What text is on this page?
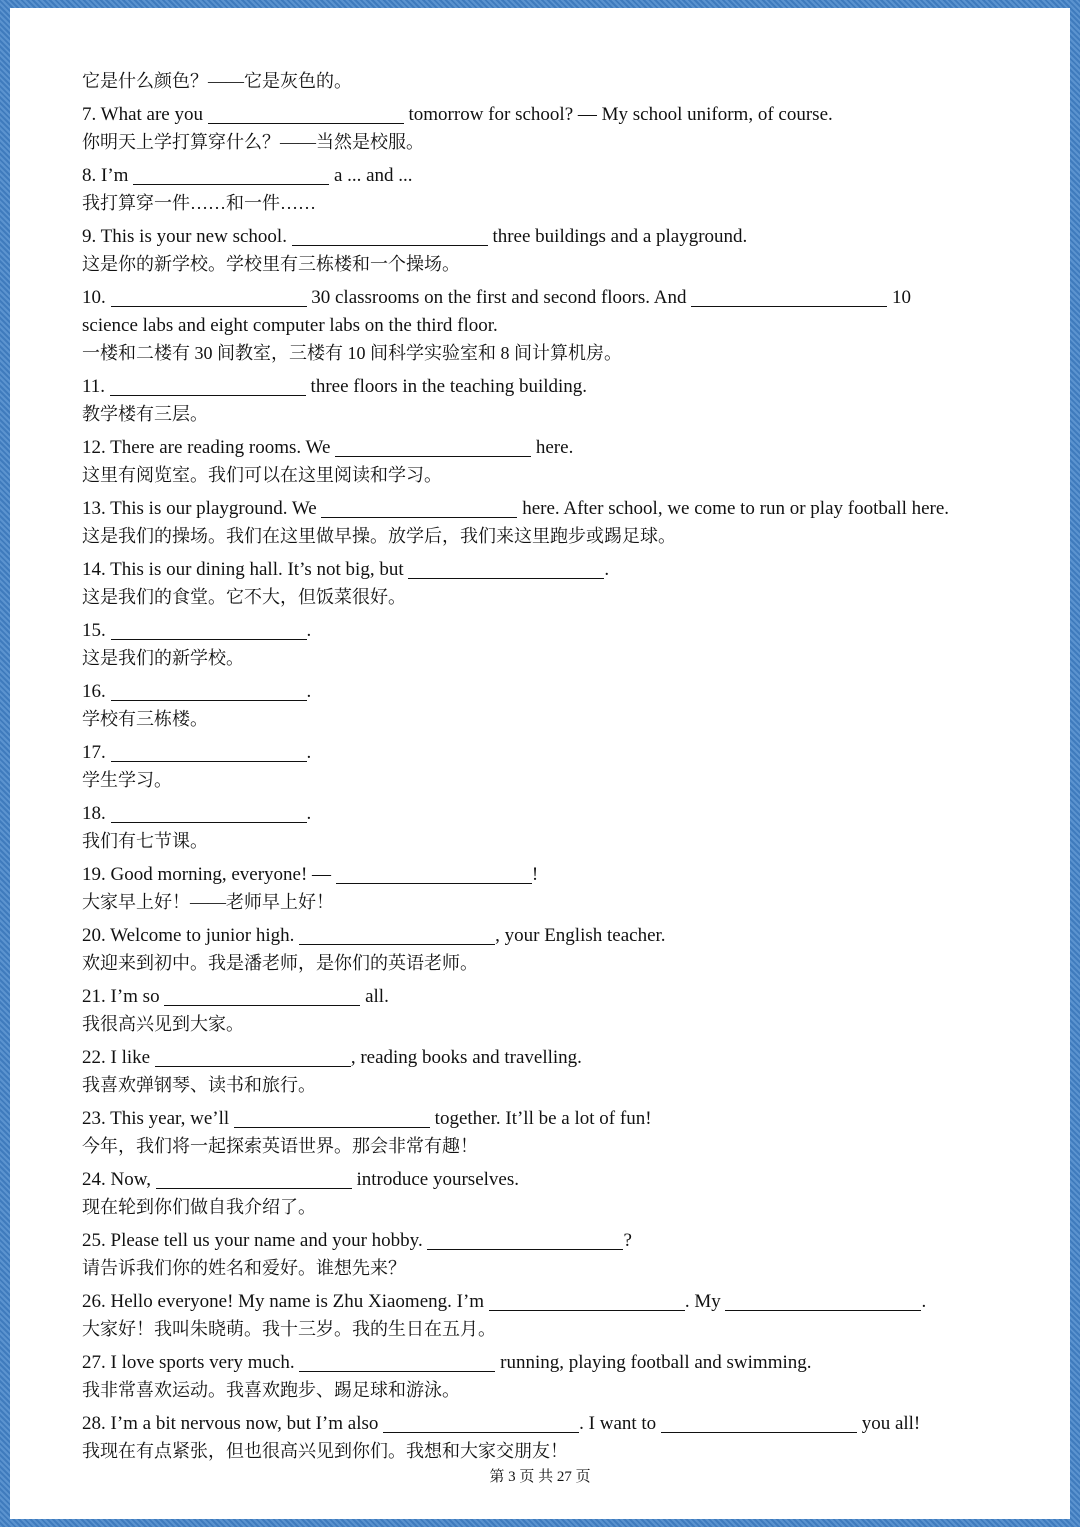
它是什么颜色？——它是灰色的。
7. What are you	tomorrow for school? — My school uniform, of course.
你明天上学打算穿什么？——当然是校服。
8. I’m	a ... and ...
我打算穿一件……和一件……
9. This is your new school.	three buildings and a playground.
这是你的新学校。学校里有三栋楼和一个操场。
10.	30 classrooms on the first and second floors. And	10
science labs and eight computer labs on the third floor.
一楼和二楼有 30 间教室，三楼有 10 间科学实验室和 8 间计算机房。
11.	three floors in the teaching building.
教学楼有三层。
12. There are reading rooms. We	here.
这里有阅览室。我们可以在这里阅读和学习。
13. This is our playground. We	here. After school, we come to run or play football here.
这是我们的操场。我们在这里做早操。放学后，我们来这里跑步或踢足球。
14. This is our dining hall. It’s not big, but	.
这是我们的食堂。它不大，但饭菜很好。
15.	.
这是我们的新学校。
16.	.
学校有三栋楼。
17.	.
学生学习。
18.	.
我们有七节课。
19. Good morning, everyone! —	!
大家早上好！——老师早上好！
20. Welcome to junior high.	, your English teacher.
欢迎来到初中。我是潘老师，是你们的英语老师。
21. I’m so	all.
我很高兴见到大家。
22. I like	, reading books and travelling.
我喜欢弹钢琴、读书和旅行。
23. This year, we’ll	together. It’ll be a lot of fun!
今年，我们将一起探索英语世界。那会非常有趣！
24. Now,	introduce yourselves.
现在轮到你们做自我介绍了。
25. Please tell us your name and your hobby.	?
请告诉我们你的姓名和爱好。谁想先来？
26. Hello everyone! My name is Zhu Xiaomeng. I’m	. My	.
大家好！我叫朱晓萌。我十三岁。我的生日在五月。
27. I love sports very much.	running, playing football and swimming.
我非常喜欢运动。我喜欢跑步、踢足球和游泳。
28. I’m a bit nervous now, but I’m also	. I want to	you all!
我现在有点紧张，但也很高兴见到你们。我想和大家交朋友！
第 3 页 共 27 页
